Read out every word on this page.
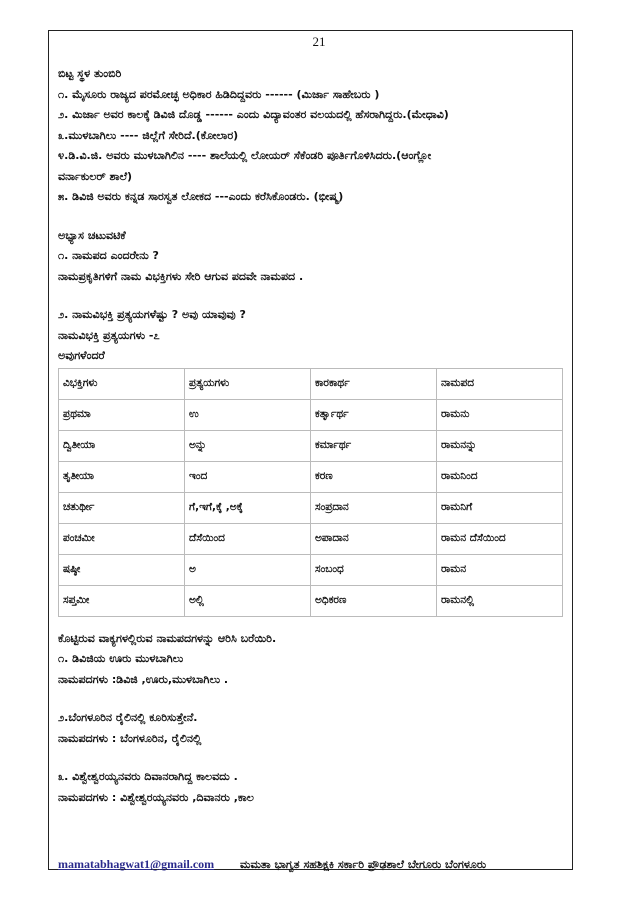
21
ಬಿಟ್ಟ ಸ್ಥಳ ತುಂಬಿರಿ
೧. ಮೈಸೂರು ರಾಜ್ಯದ ಪರಮೋಚ್ಛ ಅಧಿಕಾರ ಹಿಡಿದಿದ್ದವರು ------ (ಮಿರ್ಜಾ ಸಾಹೇಬರು )
೨. ಮಿರ್ಜಾ ಅವರ ಕಾಲಕ್ಕೆ ಡಿವಿಜಿ ದೊಡ್ಡ ------ ಎಂದು ವಿದ್ಯಾವಂತರ ವಲಯದಲ್ಲಿ ಹೆಸರಾಗಿದ್ದರು.(ಮೇಧಾವಿ)
೩.ಮುಳಬಾಗಿಲು ---- ಜಿಲ್ಲೆಗೆ ಸೇರಿದೆ.(ಕೋಲಾರ)
೪.ಡಿ.ವಿ.ಜಿ. ಅವರು ಮುಳಬಾಗಿಲಿನ ---- ಶಾಲೆಯಲ್ಲಿ ಲೋಯರ್ ಸೆಕೆಂಡರಿ ಪೂರ್ತಿಗೊಳಿಸಿದರು.(ಆಂಗ್ಲೋ
ವರ್ನಾಕುಲರ್ ಶಾಲೆ)
೫. ಡಿವಿಜಿ ಅವರು ಕನ್ನಡ ಸಾರಸ್ವತ ಲೋಕದ ---ಎಂದು ಕರೆಸಿಕೊಂಡರು. (ಭೀಷ್ಮ)
ಅಭ್ಯಾಸ ಚಟುವಟಿಕೆ
೧. ನಾಮಪದ ಎಂದರೇನು ?
ನಾಮಪ್ರಕೃತಿಗಳಿಗೆ ನಾಮ ವಿಭಕ್ತಿಗಳು ಸೇರಿ ಆಗುವ ಪದವೇ ನಾಮಪದ .
೨. ನಾಮವಿಭಕ್ತಿ ಪ್ರತ್ಯಯಗಳೆಷ್ಟು ? ಅವು ಯಾವುವು ?
ನಾಮವಿಭಕ್ತಿ ಪ್ರತ್ಯಯಗಳು -೭
ಅವುಗಳೆಂದರೆ
ವಿಭಕ್ತಿಗಳು	ಪ್ರತ್ಯಯಗಳು	ಕಾರಕಾರ್ಥ	ನಾಮಪದ
ಪ್ರಥಮಾ	ಉ	ಕರ್ತೃಾರ್ಥ	ರಾಮನು
ದ್ವಿತೀಯಾ	ಅನ್ನು	ಕರ್ಮಾರ್ಥ	ರಾಮನನ್ನು
ತೃತೀಯಾ	ಇಂದ	ಕರಣ	ರಾಮನಿಂದ
ಚತುರ್ಥೀ	ಗೆ,ಇಗೆ,ಕ್ಕೆ ,ಅಕ್ಕೆ	ಸಂಪ್ರದಾನ	ರಾಮನಿಗೆ
ಪಂಚಮೀ	ದೆಸೆಯಿಂದ	ಅಪಾದಾನ	ರಾಮನ ದೆಸೆಯಿಂದ
ಷಷ್ಠೀ	ಅ	ಸಂಬಂಧ	ರಾಮನ
ಸಪ್ತಮೀ	ಅಲ್ಲಿ	ಅಧಿಕರಣ	ರಾಮನಲ್ಲಿ
ಕೊಟ್ಟಿರುವ ವಾಕ್ಯಗಳಲ್ಲಿರುವ ನಾಮಪದಗಳನ್ನು ಆರಿಸಿ ಬರೆಯಿರಿ.
೧. ಡಿವಿಜಿಯ ಊರು ಮುಳಬಾಗಿಲು
ನಾಮಪದಗಳು :ಡಿವಿಜಿ ,ಊರು,ಮುಳಬಾಗಿಲು .
೨.ಬೆಂಗಳೂರಿನ ರೈಲಿನಲ್ಲಿ ಕೂರಿಸುತ್ತೇನೆ.
ನಾಮಪದಗಳು : ಬೆಂಗಳೂರಿನ, ರೈಲಿನಲ್ಲಿ
೩. ವಿಶ್ವೇಶ್ವರಯ್ಯನವರು ದಿವಾನರಾಗಿದ್ದ ಕಾಲವದು .
ನಾಮಪದಗಳು : ವಿಶ್ವೇಶ್ವರಯ್ಯನವರು ,ದಿವಾನರು ,ಕಾಲ
mamatabhagwat1@gmail.com ಮಮತಾ ಭಾಗ್ವತ ಸಹಶಿಕ್ಷಕಿ ಸರ್ಕಾರಿ ಪ್ರೌಢಶಾಲೆ ಬೇಗೂರು ಬೆಂಗಳೂರು
